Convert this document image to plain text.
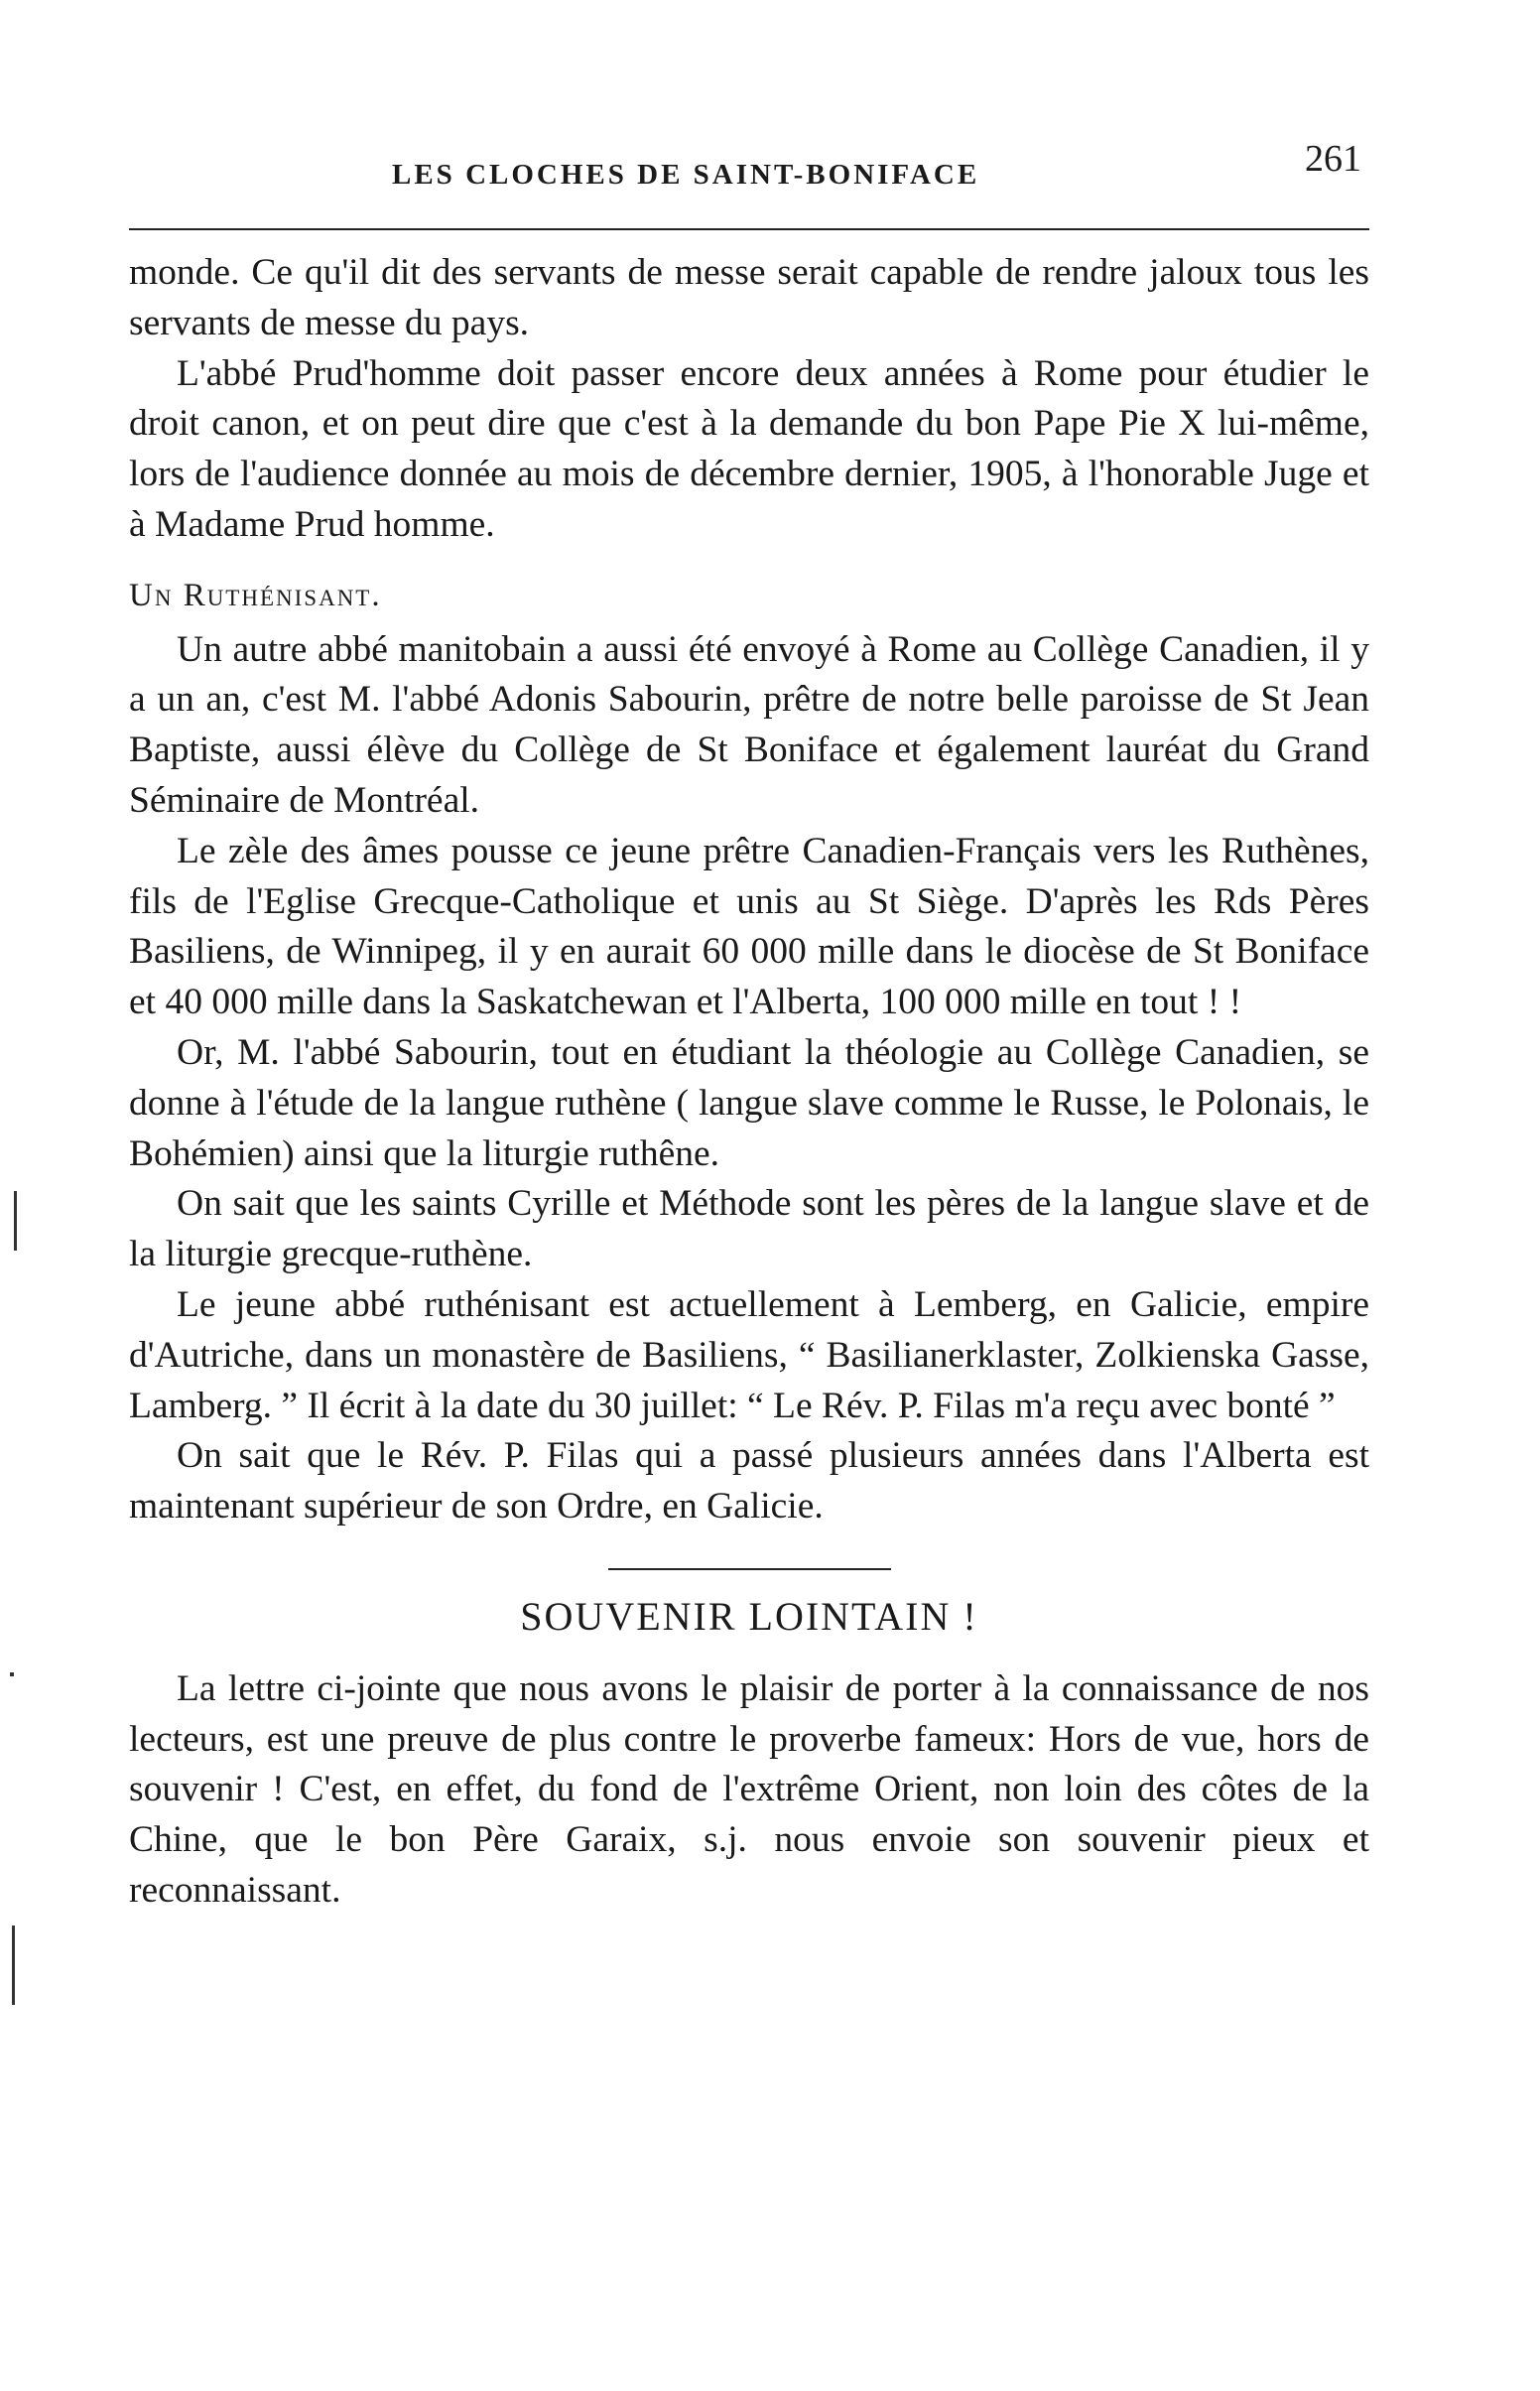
LES CLOCHES DE SAINT-BONIFACE	261

monde. Ce qu'il dit des servants de messe serait capable de rendre jaloux tous les servants de messe du pays.

L'abbé Prud'homme doit passer encore deux années à Rome pour étudier le droit canon, et on peut dire que c'est à la demande du bon Pape Pie X lui-même, lors de l'audience donnée au mois de décembre dernier, 1905, à l'honorable Juge et à Madame Prud homme.

Un Ruthénisant.

Un autre abbé manitobain a aussi été envoyé à Rome au Collège Canadien, il y a un an, c'est M. l'abbé Adonis Sabourin, prêtre de notre belle paroisse de St Jean Baptiste, aussi élève du Collège de St Boniface et également lauréat du Grand Séminaire de Montréal.

Le zèle des âmes pousse ce jeune prêtre Canadien-Français vers les Ruthènes, fils de l'Eglise Grecque-Catholique et unis au St Siège. D'après les Rds Pères Basiliens, de Winnipeg, il y en aurait 60 000 mille dans le diocèse de St Boniface et 40 000 mille dans la Saskatchewan et l'Alberta, 100 000 mille en tout ! !

Or, M. l'abbé Sabourin, tout en étudiant la théologie au Collège Canadien, se donne à l'étude de la langue ruthène ( langue slave comme le Russe, le Polonais, le Bohémien) ainsi que la liturgie ruthêne.

On sait que les saints Cyrille et Méthode sont les pères de la langue slave et de la liturgie grecque-ruthène.

Le jeune abbé ruthénisant est actuellement à Lemberg, en Galicie, empire d'Autriche, dans un monastère de Basiliens, “ Basilianerklaster, Zolkienska Gasse, Lamberg. ” Il écrit à la date du 30 juillet: “ Le Rév. P. Filas m'a reçu avec bonté ”

On sait que le Rév. P. Filas qui a passé plusieurs années dans l'Alberta est maintenant supérieur de son Ordre, en Galicie.

SOUVENIR LOINTAIN !

La lettre ci-jointe que nous avons le plaisir de porter à la connaissance de nos lecteurs, est une preuve de plus contre le proverbe fameux: Hors de vue, hors de souvenir ! C'est, en effet, du fond de l'extrême Orient, non loin des côtes de la Chine, que le bon Père Garaix, s.j. nous envoie son souvenir pieux et reconnaissant.
